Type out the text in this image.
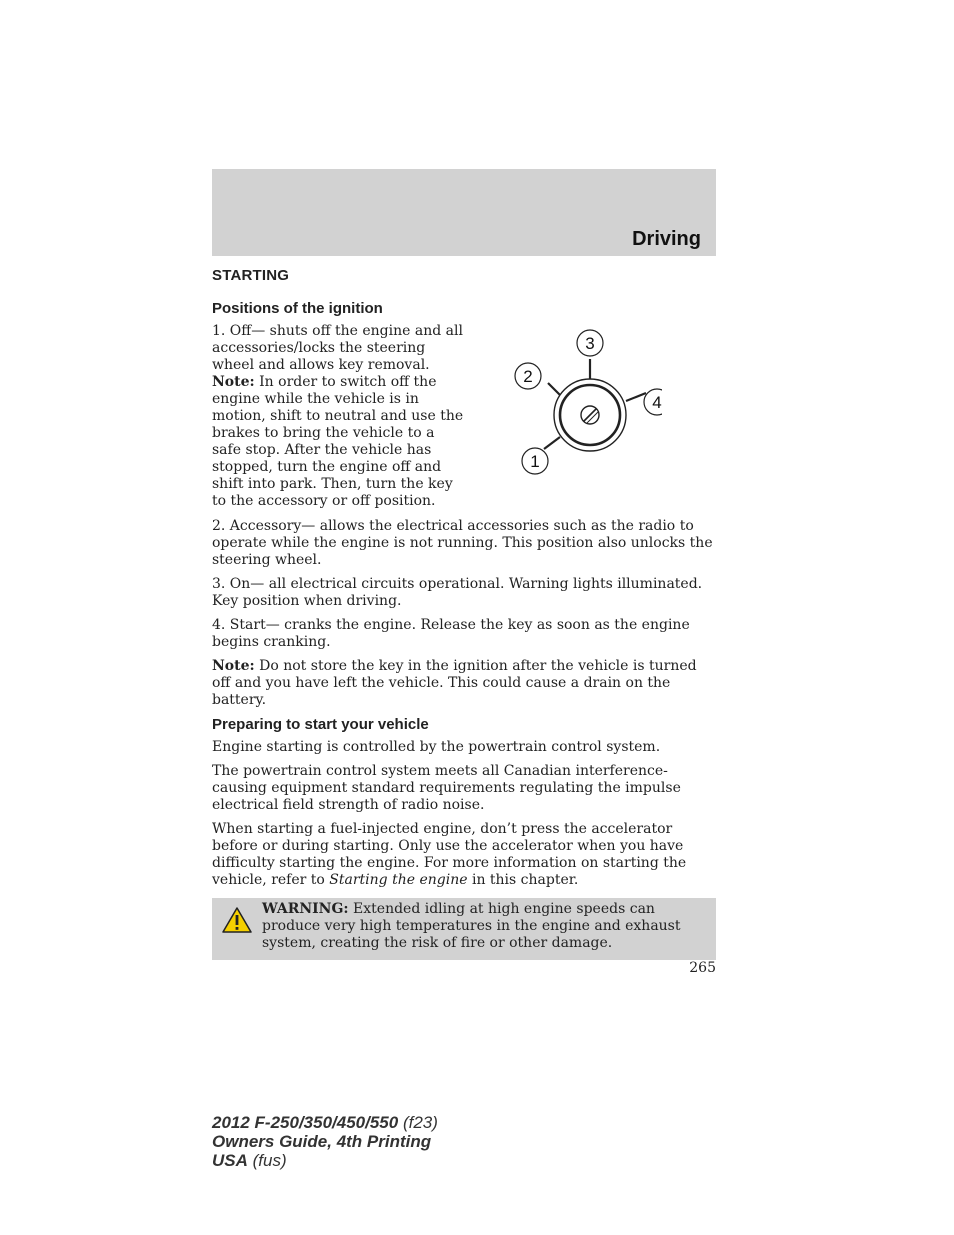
Driving
STARTING
Positions of the ignition
1. Off— shuts off the engine and all accessories/locks the steering wheel and allows key removal. Note: In order to switch off the engine while the vehicle is in motion, shift to neutral and use the brakes to bring the vehicle to a safe stop. After the vehicle has stopped, turn the engine off and shift into park. Then, turn the key to the accessory or off position.
3
2
4
1

2. Accessory— allows the electrical accessories such as the radio to operate while the engine is not running. This position also unlocks the steering wheel.

3. On— all electrical circuits operational. Warning lights illuminated. Key position when driving.

4. Start— cranks the engine. Release the key as soon as the engine begins cranking.

Note: Do not store the key in the ignition after the vehicle is turned off and you have left the vehicle. This could cause a drain on the battery.

Preparing to start your vehicle

Engine starting is controlled by the powertrain control system.

The powertrain control system meets all Canadian interference-causing equipment standard requirements regulating the impulse electrical field strength of radio noise.

When starting a fuel-injected engine, don’t press the accelerator before or during starting. Only use the accelerator when you have difficulty starting the engine. For more information on starting the vehicle, refer to Starting the engine in this chapter.

WARNING: Extended idling at high engine speeds can produce very high temperatures in the engine and exhaust system, creating the risk of fire or other damage.
265
2012 F-250/350/450/550 (f23)
Owners Guide, 4th Printing
USA (fus)
